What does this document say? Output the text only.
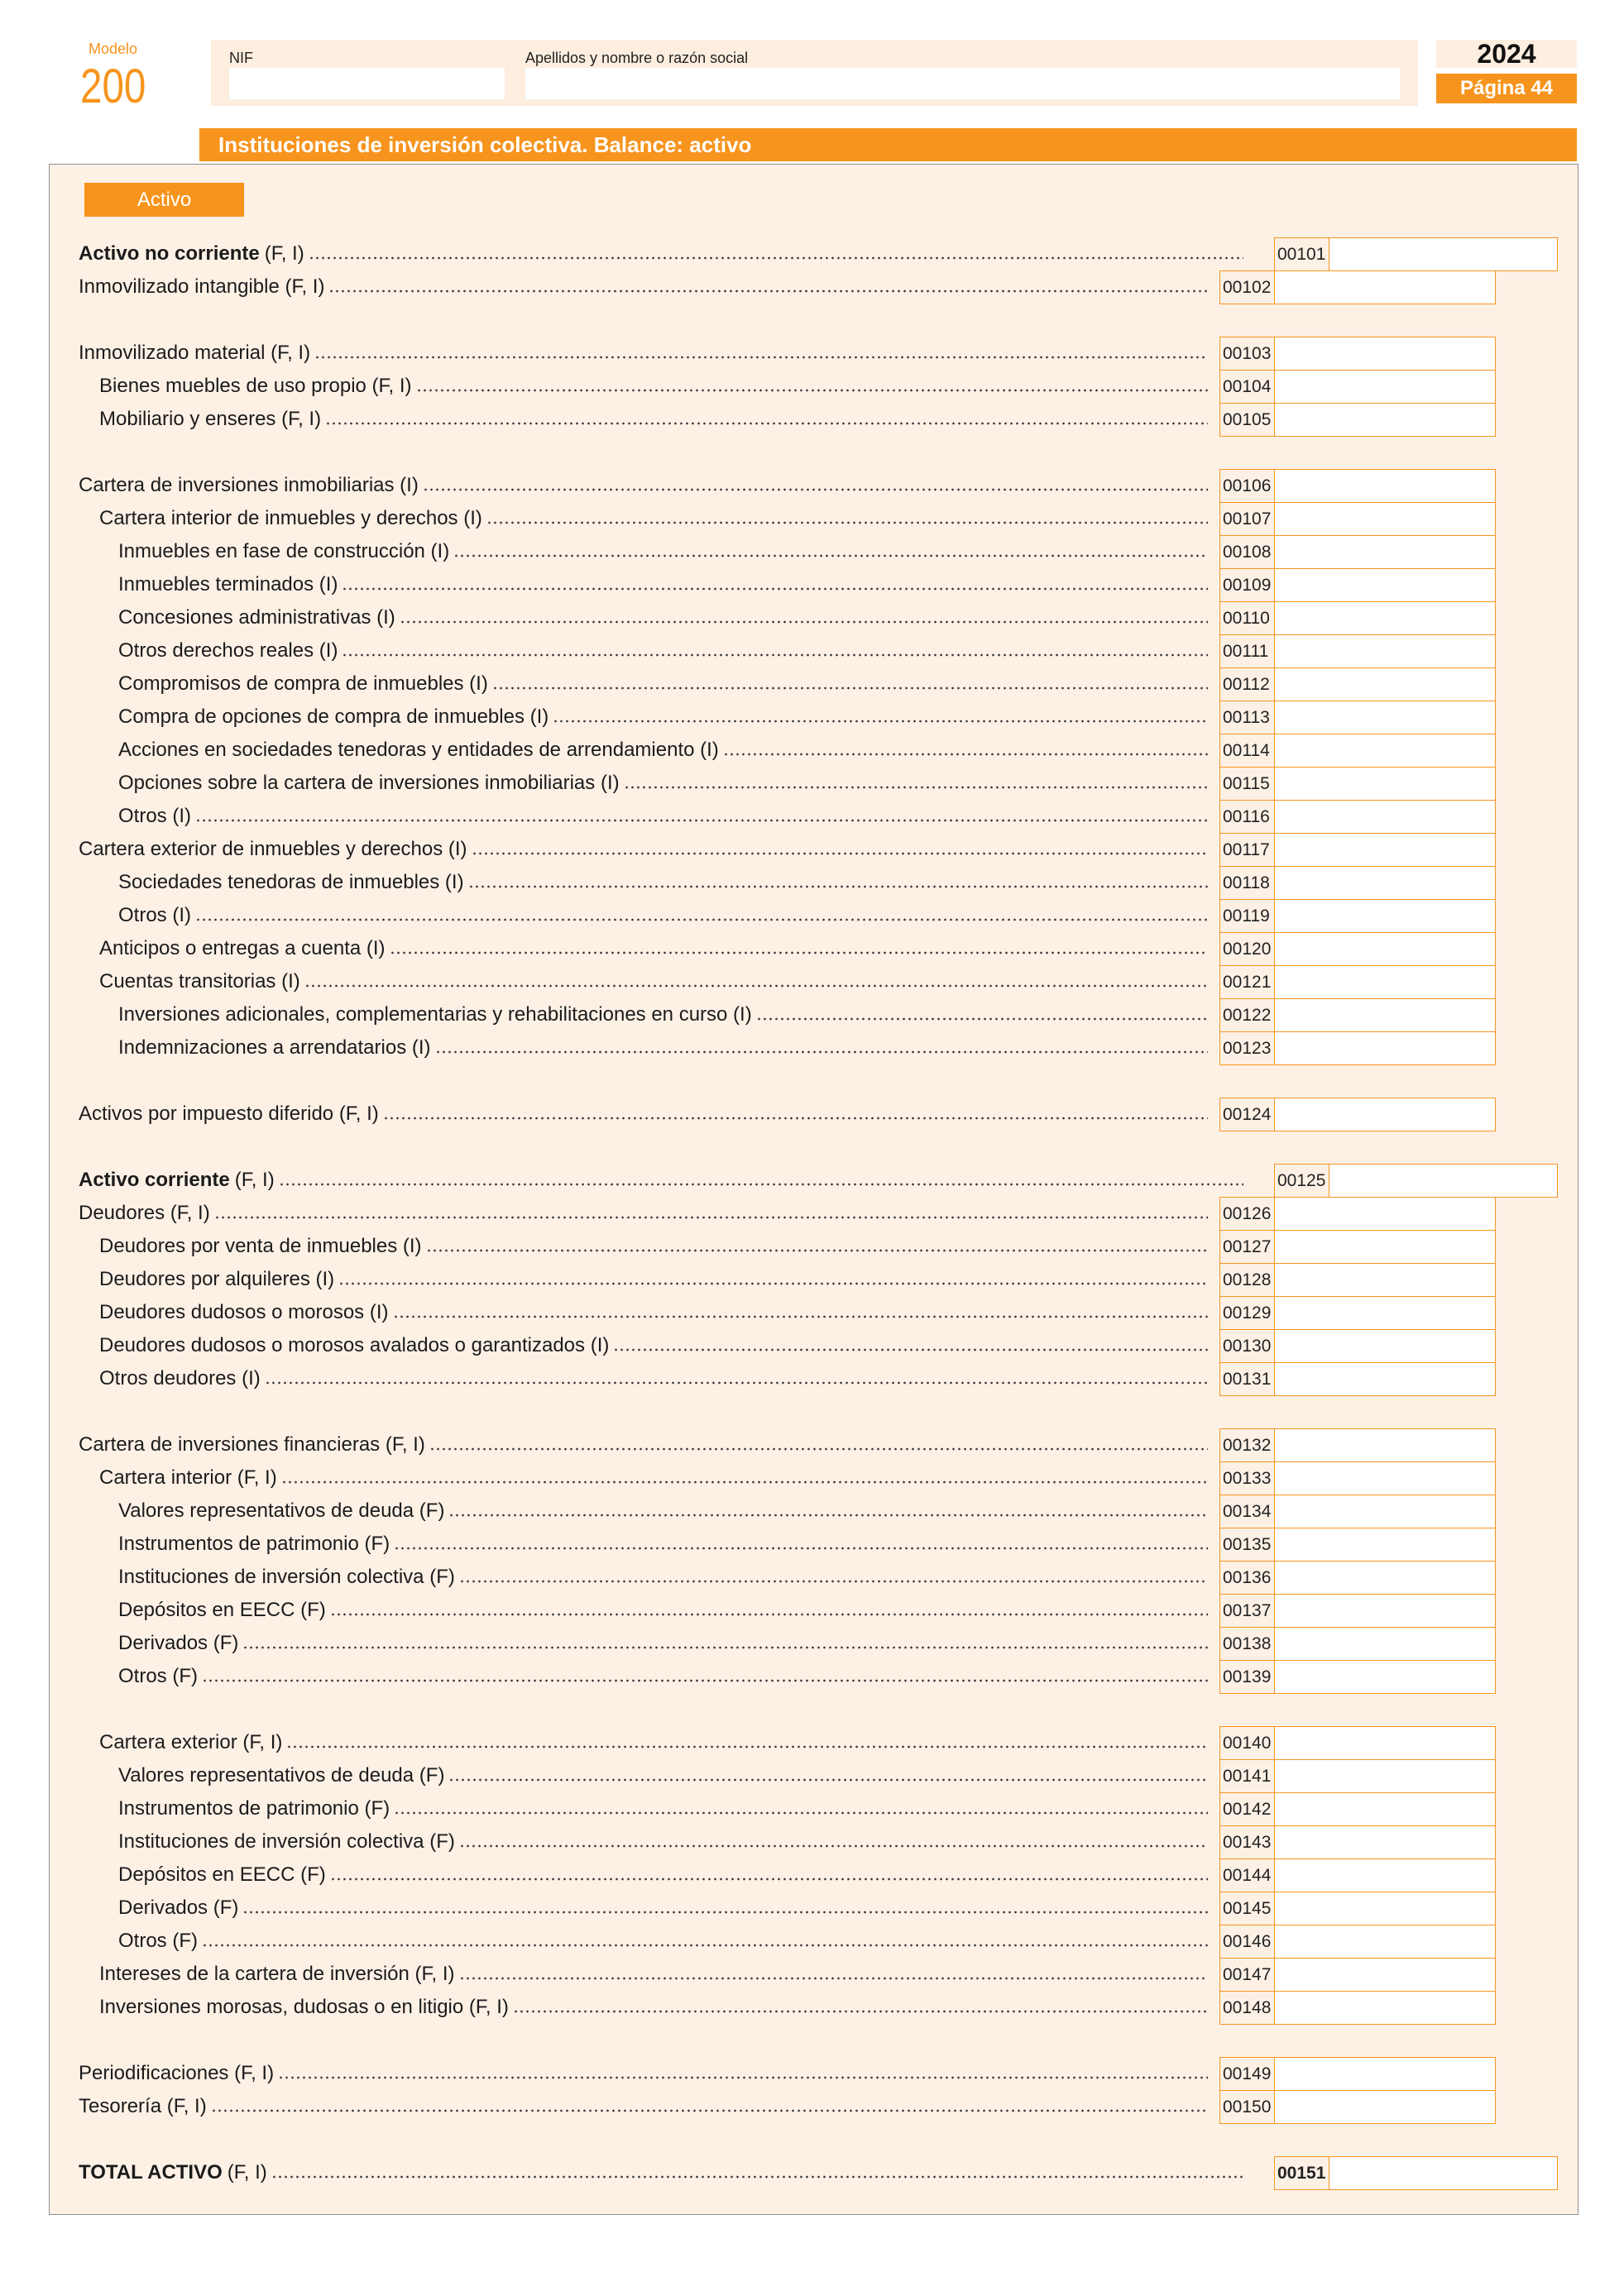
Modelo
200
NIF	Apellidos y nombre o razón social	2024
Página 44
Instituciones de inversión colectiva. Balance: activo
Activo
Activo no corriente (F, I)	00101
Inmovilizado intangible (F, I)	00102
Inmovilizado material (F, I)	00103
Bienes muebles de uso propio (F, I)	00104
Mobiliario y enseres (F, I)	00105
Cartera de inversiones inmobiliarias (I)	00106
Cartera interior de inmuebles y derechos (I)	00107
Inmuebles en fase de construcción (I)	00108
Inmuebles terminados (I)	00109
Concesiones administrativas (I)	00110
Otros derechos reales (I)	00111
Compromisos de compra de inmuebles (I)	00112
Compra de opciones de compra de inmuebles (I)	00113
Acciones en sociedades tenedoras y entidades de arrendamiento (I)	00114
Opciones sobre la cartera de inversiones inmobiliarias (I)	00115
Otros (I)	00116
Cartera exterior de inmuebles y derechos (I)	00117
Sociedades tenedoras de inmuebles (I)	00118
Otros (I)	00119
Anticipos o entregas a cuenta (I)	00120
Cuentas transitorias (I)	00121
Inversiones adicionales, complementarias y rehabilitaciones en curso (I)	00122
Indemnizaciones a arrendatarios (I)	00123
Activos por impuesto diferido (F, I)	00124
Activo corriente (F, I)	00125
Deudores (F, I)	00126
Deudores por venta de inmuebles (I)	00127
Deudores por alquileres (I)	00128
Deudores dudosos o morosos (I)	00129
Deudores dudosos o morosos avalados o garantizados (I)	00130
Otros deudores (I)	00131
Cartera de inversiones financieras (F, I)	00132
Cartera interior (F, I)	00133
Valores representativos de deuda (F)	00134
Instrumentos de patrimonio (F)	00135
Instituciones de inversión colectiva (F)	00136
Depósitos en EECC (F)	00137
Derivados (F)	00138
Otros (F)	00139
Cartera exterior (F, I)	00140
Valores representativos de deuda (F)	00141
Instrumentos de patrimonio (F)	00142
Instituciones de inversión colectiva (F)	00143
Depósitos en EECC (F)	00144
Derivados (F)	00145
Otros (F)	00146
Intereses de la cartera de inversión (F, I)	00147
Inversiones morosas, dudosas o en litigio (F, I)	00148
Periodificaciones (F, I)	00149
Tesorería (F, I)	00150
TOTAL ACTIVO (F, I)	00151
